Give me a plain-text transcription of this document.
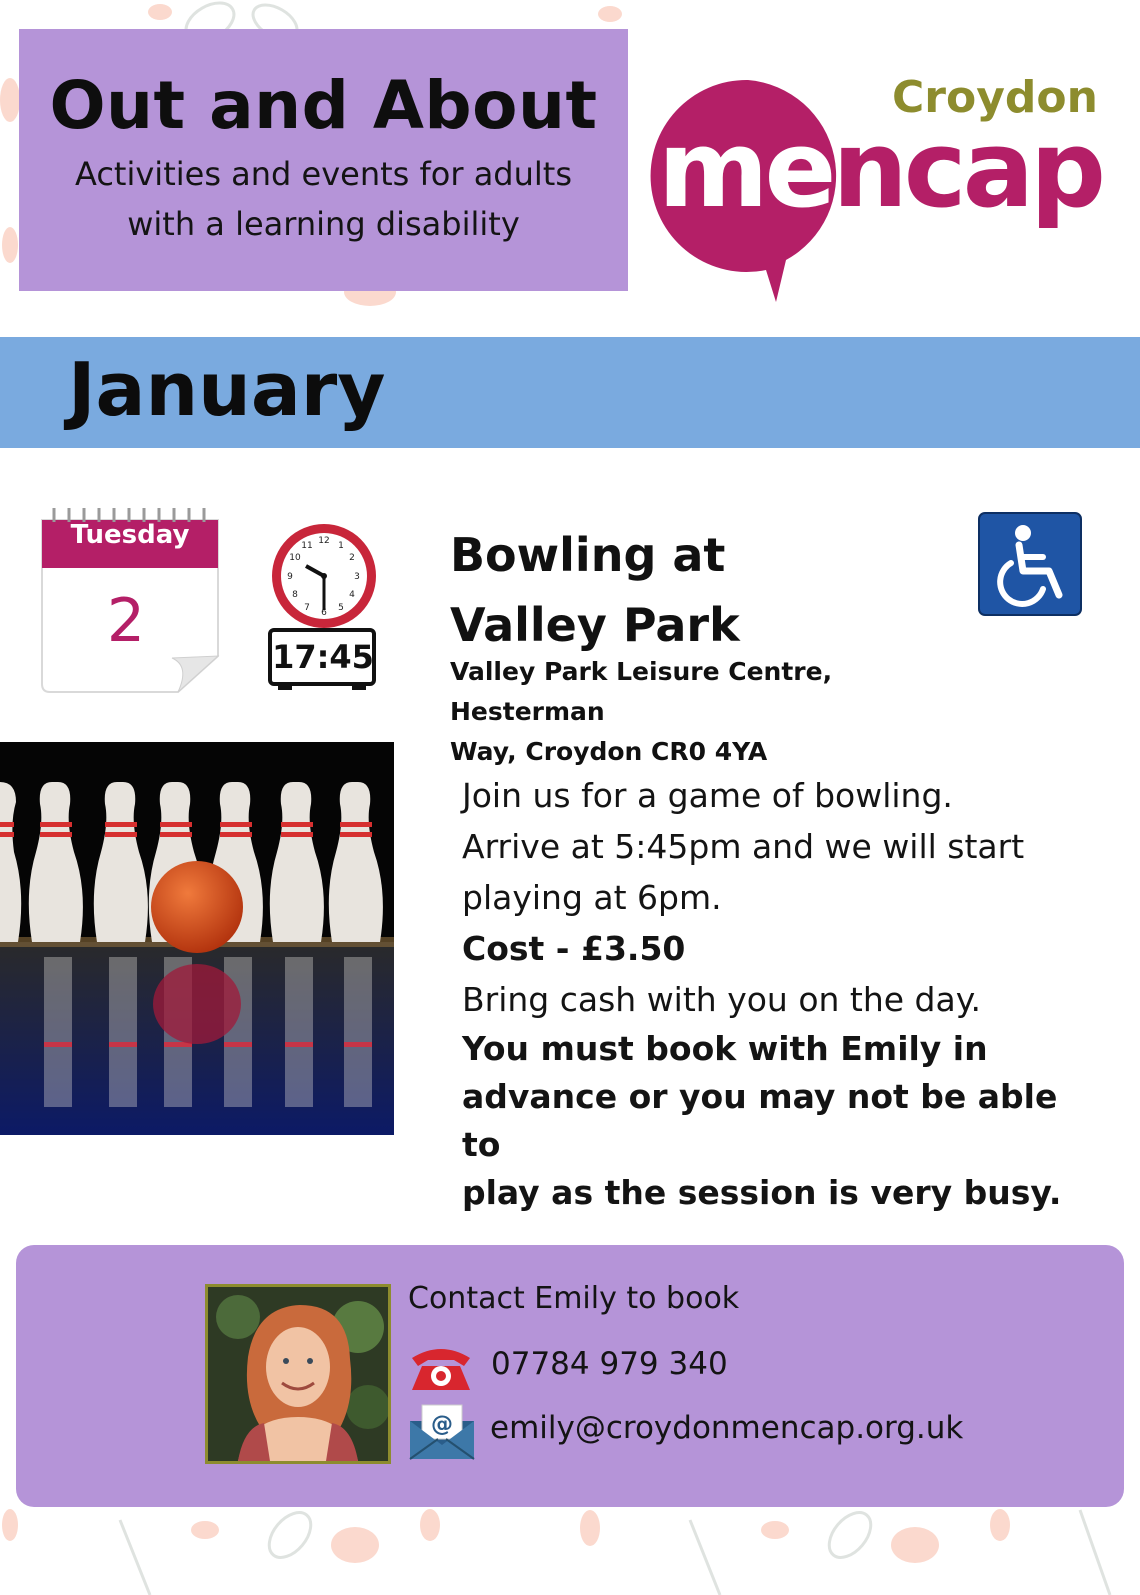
Out and About
Activities and events for adults
with a learning disability
Croydon
mencap
January
Tuesday
2
12 1
2
3
4
5
6
7
8
9
10
11
17:45
Bowling at
Valley Park
Valley Park Leisure Centre, Hesterman
Way, Croydon CR0 4YA
Join us for a game of bowling.
Arrive at 5:45pm and we will start
playing at 6pm.
Cost - £3.50
Bring cash with you on the day.
You must book with Emily in
advance or you may not be able to
play as the session is very busy.
Contact Emily to book
07784 979 340
@ emily@croydonmencap.org.uk
